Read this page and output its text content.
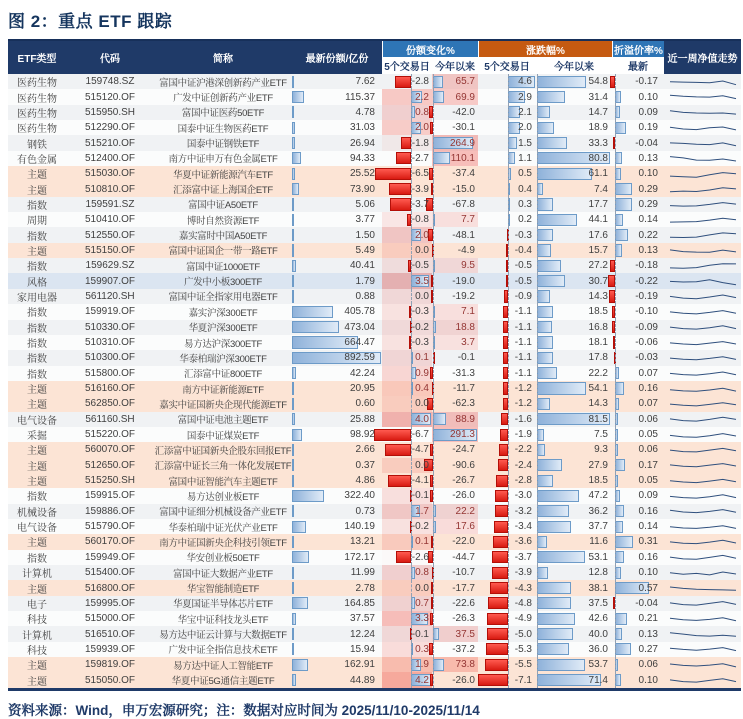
图 2：重点 ETF 跟踪
ETF类型	代码	简称	最新份额/亿份
份额变化%	涨跌幅%	折溢价率%
近一周净值走势
5个交易日 今年以来 5个交易日	今年以来	最新
医药生物	159748.SZ	富国中证沪港深创新药产业ETF	7.62	-2.8	65.7	4.6	54.8	-0.17
医药生物	515120.OF	广发中证创新药产业ETF	115.37	2.2	69.9	2.9	31.4	0.10
医药生物	515950.SH	富国中证医药50ETF	4.78	0.8	-42.0	2.1	14.7	0.09
医药生物	512290.OF	国泰中证生物医药ETF	31.03	2.0	-30.1	2.0	18.9	0.19
钢铁	515210.OF	国泰中证钢铁ETF	26.94	-1.8	264.9	1.5	33.3	-0.04
有色金属	512400.OF	南方中证申万有色金属ETF	94.33	-2.7	110.1	1.1	80.8	0.13
主题	515030.OF	华夏中证新能源汽车ETF	25.52	-6.5	-37.4	0.5	61.1	0.10
主题	510810.OF	汇添富中证上海国企ETF	73.90	-3.9	-15.0	0.4	7.4	0.29
指数	159591.SZ	富国中证A50ETF	5.06	-3.7	-67.8	0.3	17.7	0.29
周期	510410.OF	博时自然资源ETF	3.77	-0.8	7.7	0.2	44.1	0.14
指数	512550.OF	嘉实富时中国A50ETF	1.50	2.0	-48.1	-0.3	17.6	0.22
主题	515150.OF	富国中证国企一带一路ETF	5.49	0.0	-4.9	-0.4	15.7	0.13
指数	159629.SZ	富国中证1000ETF	40.41	-0.5	9.5	-0.5	27.2	-0.18
风格	159907.OF	广发中小板300ETF	1.79	3.5	-19.0	-0.5	30.7	-0.22
家用电器	561120.SH	富国中证全指家用电器ETF	0.88	0.0	-19.2	-0.9	14.3	-0.19
指数	159919.OF	嘉实沪深300ETF	405.78	-0.3	7.1	-1.1	18.5	-0.10
指数	510330.OF	华夏沪深300ETF	473.04	-0.2	18.8	-1.1	16.8	-0.09
指数	510310.OF	易方达沪深300ETF	664.47	-0.3	3.7	-1.1	18.1	-0.06
指数	510300.OF	华泰柏瑞沪深300ETF	892.59	0.1	-0.1	-1.1	17.8	-0.03
指数	515800.OF	汇添富中证800ETF	42.24	0.9	-31.3	-1.1	22.2	0.07
主题	516160.OF	南方中证新能源ETF	20.95	0.4	-11.7	-1.2	54.1	0.16
主题	562850.OF	嘉实中证国新央企现代能源ETF	0.60	0.0	-62.3	-1.2	14.3	0.07
电气设备	561160.SH	富国中证电池主题ETF	25.88	4.0	88.9	-1.6	81.5	0.06
采掘	515220.OF	国泰中证煤炭ETF	98.92	-6.7	291.3	-1.9	7.5	0.05
主题	560070.OF 汇添富中证国新央企股东回报ETF	2.66	-4.7	-24.7	-2.2	9.3	0.06
主题	512650.OF 汇添富中证长三角一体化发展ETF	0.37	0.0	-90.6	-2.4	27.9	0.17
主题	515250.SH	富国中证智能汽车主题ETF	4.86	-4.1	-26.7	-2.8	18.5	0.05
指数	159915.OF	易方达创业板ETF	322.40	-0.1	-26.0	-3.0	47.2	0.09
机械设备	159886.OF	富国中证细分机械设备产业ETF	0.73	1.7	22.2	-3.2	36.2	0.16
电气设备	515790.OF	华泰柏瑞中证光伏产业ETF	140.19	-0.2	17.6	-3.4	37.7	0.14
主题	560170.OF	南方中证国新央企科技引领ETF	13.21	0.1	-22.0	-3.6	11.6	0.31
指数	159949.OF	华安创业板50ETF	172.17	-2.6	-44.7	-3.7	53.1	0.16
计算机	515400.OF	富国中证大数据产业ETF	11.99	0.8	-10.7	-3.9	12.8	0.10
主题	516800.OF	华宝智能制造ETF	2.78	0.0	-17.7	-4.3	38.1	0.57
电子	159995.OF	华夏国证半导体芯片ETF	164.85	0.7	-22.6	-4.8	37.5	-0.04
科技	515000.OF	华宝中证科技龙头ETF	37.57	3.3	-26.3	-4.9	42.6	0.21
计算机	516510.OF	易方达中证云计算与大数据ETF	12.24	-0.1	37.5	-5.0	40.0	0.13
科技	159939.OF	广发中证全指信息技术ETF	15.94	0.3	-37.2	-5.3	36.0	0.27
主题	159819.OF	易方达中证人工智能ETF	162.91	1.9	73.8	-5.5	53.7	0.06
主题	515050.OF	华夏中证5G通信主题ETF	44.89	4.2	-26.0	-7.1	71.4	0.10
资料来源：Wind，申万宏源研究；注：数据对应时间为 2025/11/10-2025/11/14
